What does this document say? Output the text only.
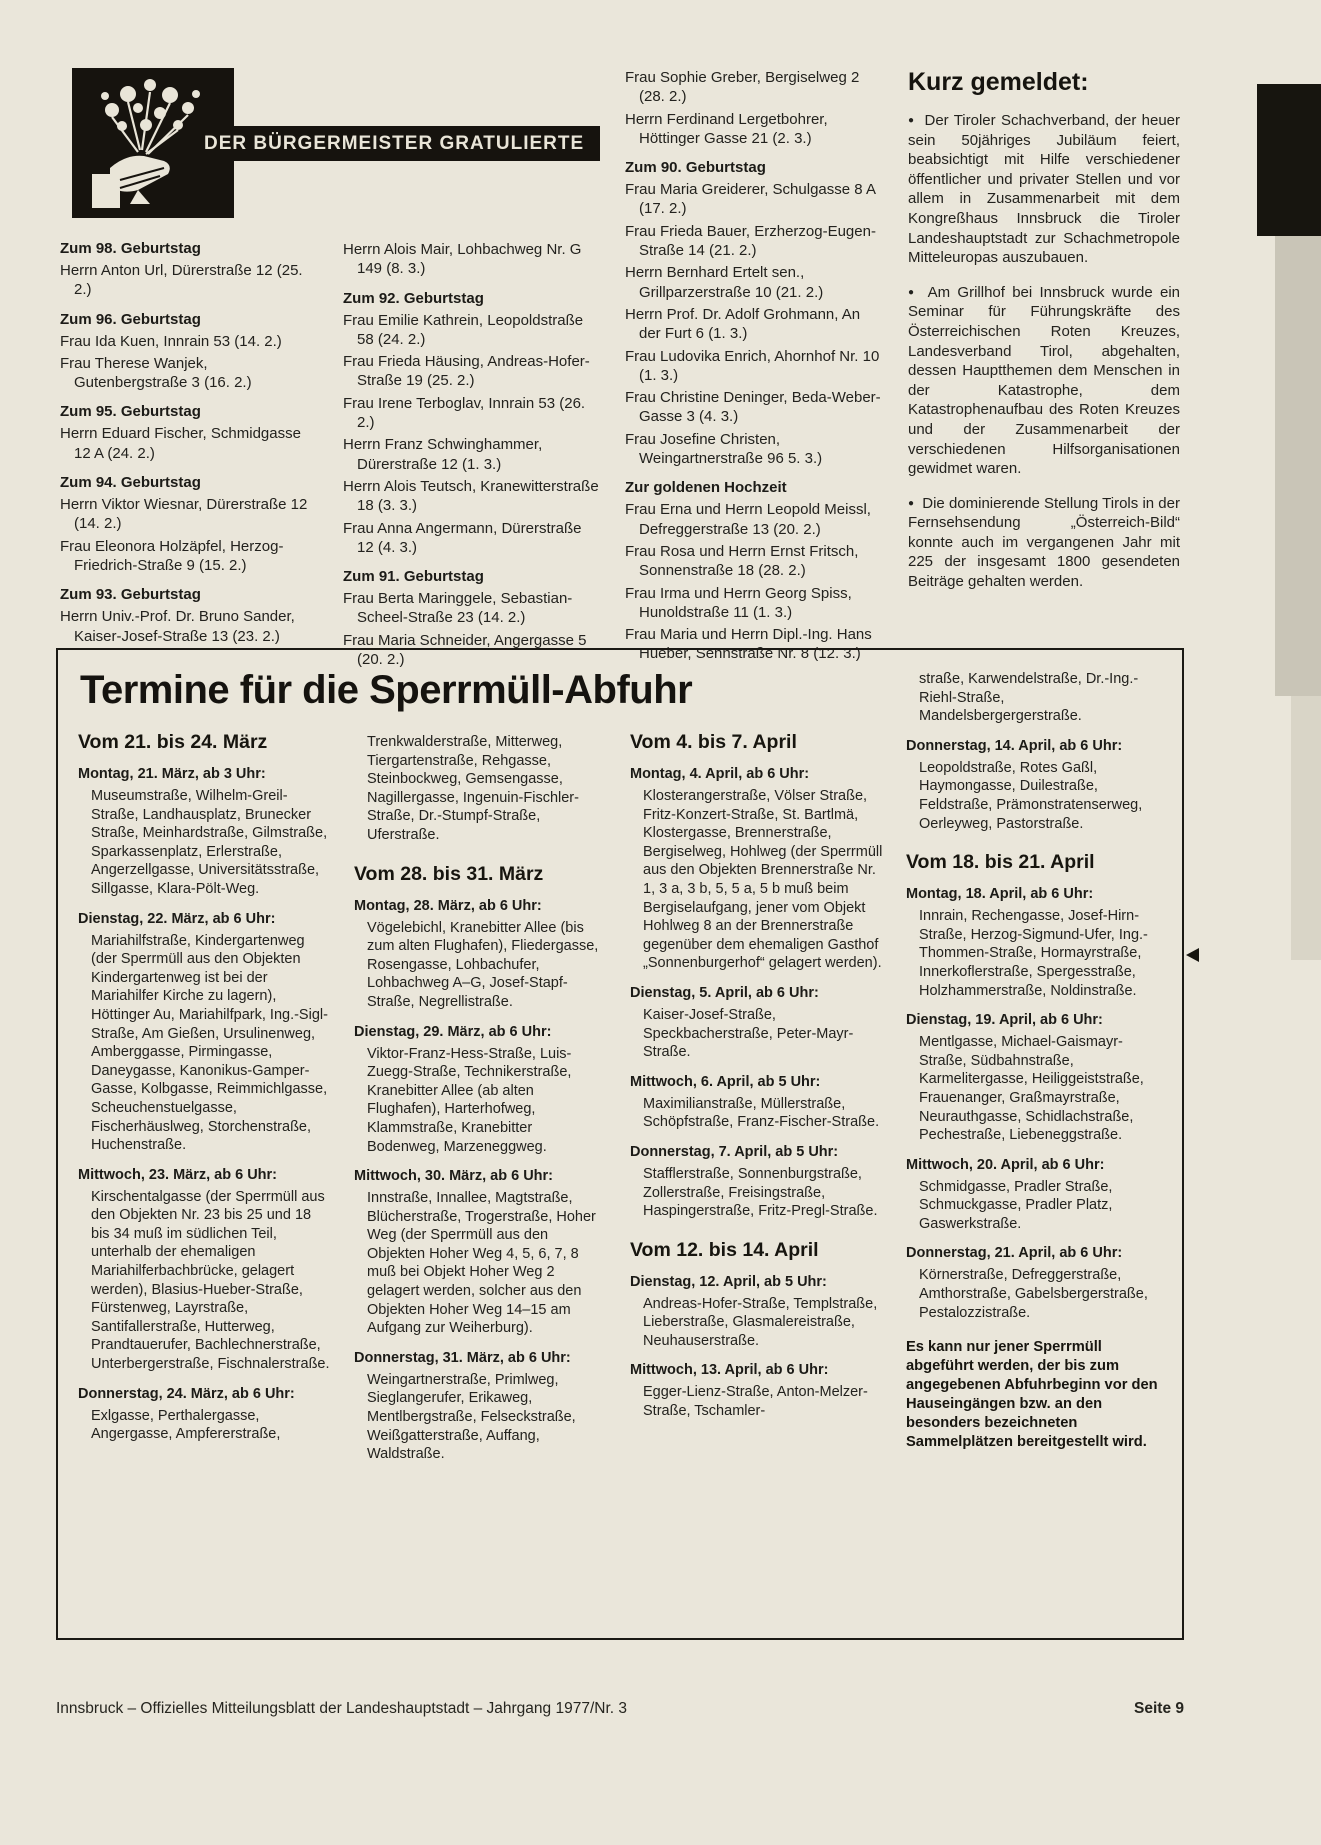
DER BÜRGERMEISTER GRATULIERTE
Zum 98. Geburtstag

Herrn Anton Url, Dürerstraße 12 (25. 2.)

Zum 96. Geburtstag

Frau Ida Kuen, Innrain 53 (14. 2.)

Frau Therese Wanjek, Gutenbergstraße 3 (16. 2.)

Zum 95. Geburtstag

Herrn Eduard Fischer, Schmidgasse 12 A (24. 2.)

Zum 94. Geburtstag

Herrn Viktor Wiesnar, Dürerstraße 12 (14. 2.)

Frau Eleonora Holzäpfel, Herzog-Friedrich-Straße 9 (15. 2.)

Zum 93. Geburtstag

Herrn Univ.-Prof. Dr. Bruno Sander, Kaiser-Josef-Straße 13 (23. 2.)

Herrn Alois Mair, Lohbachweg Nr. G 149 (8. 3.)

Zum 92. Geburtstag

Frau Emilie Kathrein, Leopoldstraße 58 (24. 2.)

Frau Frieda Häusing, Andreas-Hofer-Straße 19 (25. 2.)

Frau Irene Terboglav, Innrain 53 (26. 2.)

Herrn Franz Schwinghammer, Dürerstraße 12 (1. 3.)

Herrn Alois Teutsch, Kranewitterstraße 18 (3. 3.)

Frau Anna Angermann, Dürerstraße 12 (4. 3.)

Zum 91. Geburtstag

Frau Berta Maringgele, Sebastian-Scheel-Straße 23 (14. 2.)

Frau Maria Schneider, Angergasse 5 (20. 2.)

Frau Sophie Greber, Bergiselweg 2 (28. 2.)

Herrn Ferdinand Lergetbohrer, Höttinger Gasse 21 (2. 3.)

Zum 90. Geburtstag

Frau Maria Greiderer, Schulgasse 8 A (17. 2.)

Frau Frieda Bauer, Erzherzog-Eugen-Straße 14 (21. 2.)

Herrn Bernhard Ertelt sen., Grillparzerstraße 10 (21. 2.)

Herrn Prof. Dr. Adolf Grohmann, An der Furt 6 (1. 3.)

Frau Ludovika Enrich, Ahornhof Nr. 10 (1. 3.)

Frau Christine Deninger, Beda-Weber-Gasse 3 (4. 3.)

Frau Josefine Christen, Weingartnerstraße 96 5. 3.)

Zur goldenen Hochzeit

Frau Erna und Herrn Leopold Meissl, Defreggerstraße 13 (20. 2.)

Frau Rosa und Herrn Ernst Fritsch, Sonnenstraße 18 (28. 2.)

Frau Irma und Herrn Georg Spiss, Hunoldstraße 11 (1. 3.)

Frau Maria und Herrn Dipl.-Ing. Hans Hueber, Sennstraße Nr. 8 (12. 3.)

Kurz gemeldet:

● Der Tiroler Schachverband, der heuer sein 50jähriges Jubiläum feiert, beabsichtigt mit Hilfe verschiedener öffentlicher und privater Stellen und vor allem in Zusammenarbeit mit dem Kongreßhaus Innsbruck die Tiroler Landeshauptstadt zur Schachmetropole Mitteleuropas auszubauen.

● Am Grillhof bei Innsbruck wurde ein Seminar für Führungskräfte des Österreichischen Roten Kreuzes, Landesverband Tirol, abgehalten, dessen Hauptthemen dem Menschen in der Katastrophe, dem Katastrophenaufbau des Roten Kreuzes und der Zusammenarbeit der verschiedenen Hilfsorganisationen gewidmet waren.

● Die dominierende Stellung Tirols in der Fernsehsendung „Österreich-Bild“ konnte auch im vergangenen Jahr mit 225 der insgesamt 1800 gesendeten Beiträge gehalten werden.

Termine für die Sperrmüll-Abfuhr
Vom 21. bis 24. März
Montag, 21. März, ab 3 Uhr:

Museumstraße, Wilhelm-Greil-Straße, Landhausplatz, Brunecker Straße, Meinhardstraße, Gilmstraße, Sparkassenplatz, Erlerstraße, Angerzellgasse, Universitätsstraße, Sillgasse, Klara-Pölt-Weg.

Dienstag, 22. März, ab 6 Uhr:

Mariahilfstraße, Kindergartenweg (der Sperrmüll aus den Objekten Kindergartenweg ist bei der Mariahilfer Kirche zu lagern), Höttinger Au, Mariahilfpark, Ing.-Sigl-Straße, Am Gießen, Ursulinenweg, Amberggasse, Pirmingasse, Daneygasse, Kanonikus-Gamper-Gasse, Kolbgasse, Reimmichlgasse, Scheuchenstuelgasse, Fischerhäuslweg, Storchenstraße, Huchenstraße.

Mittwoch, 23. März, ab 6 Uhr:

Kirschentalgasse (der Sperrmüll aus den Objekten Nr. 23 bis 25 und 18 bis 34 muß im südlichen Teil, unterhalb der ehemaligen Mariahilferbachbrücke, gelagert werden), Blasius-Hueber-Straße, Fürstenweg, Layrstraße, Santifallerstraße, Hutterweg, Prandtauerufer, Bachlechnerstraße, Unterbergerstraße, Fischnalerstraße.

Donnerstag, 24. März, ab 6 Uhr:

Exlgasse, Perthalergasse, Angergasse, Ampfererstraße,

Trenkwalderstraße, Mitterweg, Tiergartenstraße, Rehgasse, Steinbockweg, Gemsengasse, Nagillergasse, Ingenuin-Fischler-Straße, Dr.-Stumpf-Straße, Uferstraße.

Vom 28. bis 31. März
Montag, 28. März, ab 6 Uhr:

Vögelebichl, Kranebitter Allee (bis zum alten Flughafen), Fliedergasse, Rosengasse, Lohbachufer, Lohbachweg A–G, Josef-Stapf-Straße, Negrellistraße.

Dienstag, 29. März, ab 6 Uhr:

Viktor-Franz-Hess-Straße, Luis-Zuegg-Straße, Technikerstraße, Kranebitter Allee (ab alten Flughafen), Harterhofweg, Klammstraße, Kranebitter Bodenweg, Marzeneggweg.

Mittwoch, 30. März, ab 6 Uhr:

Innstraße, Innallee, Magtstraße, Blücherstraße, Trogerstraße, Hoher Weg (der Sperrmüll aus den Objekten Hoher Weg 4, 5, 6, 7, 8 muß bei Objekt Hoher Weg 2 gelagert werden, solcher aus den Objekten Hoher Weg 14–15 am Aufgang zur Weiherburg).

Donnerstag, 31. März, ab 6 Uhr:

Weingartnerstraße, Primlweg, Sieglangerufer, Erikaweg, Mentlbergstraße, Felseckstraße, Weißgatterstraße, Auffang, Waldstraße.

Vom 4. bis 7. April
Montag, 4. April, ab 6 Uhr:

Klosterangerstraße, Völser Straße, Fritz-Konzert-Straße, St. Bartlmä, Klostergasse, Brennerstraße, Bergiselweg, Hohlweg (der Sperrmüll aus den Objekten Brennerstraße Nr. 1, 3 a, 3 b, 5, 5 a, 5 b muß beim Bergiselaufgang, jener vom Objekt Hohlweg 8 an der Brennerstraße gegenüber dem ehemaligen Gasthof „Sonnenburgerhof“ gelagert werden).

Dienstag, 5. April, ab 6 Uhr:

Kaiser-Josef-Straße, Speckbacherstraße, Peter-Mayr-Straße.

Mittwoch, 6. April, ab 5 Uhr:

Maximilianstraße, Müllerstraße, Schöpfstraße, Franz-Fischer-Straße.

Donnerstag, 7. April, ab 5 Uhr:

Stafflerstraße, Sonnenburgstraße, Zollerstraße, Freisingstraße, Haspingerstraße, Fritz-Pregl-Straße.

Vom 12. bis 14. April
Dienstag, 12. April, ab 5 Uhr:

Andreas-Hofer-Straße, Templstraße, Lieberstraße, Glasmalereistraße, Neuhauserstraße.

Mittwoch, 13. April, ab 6 Uhr:

Egger-Lienz-Straße, Anton-Melzer-Straße, Tschamler-

straße, Karwendelstraße, Dr.-Ing.-Riehl-Straße, Mandelsbergergerstraße.

Donnerstag, 14. April, ab 6 Uhr:

Leopoldstraße, Rotes Gaßl, Haymongasse, Duilestraße, Feldstraße, Prämonstratenserweg, Oerleyweg, Pastorstraße.

Vom 18. bis 21. April
Montag, 18. April, ab 6 Uhr:

Innrain, Rechengasse, Josef-Hirn-Straße, Herzog-Sigmund-Ufer, Ing.-Thommen-Straße, Hormayrstraße, Innerkoflerstraße, Spergesstraße, Holzhammerstraße, Noldinstraße.

Dienstag, 19. April, ab 6 Uhr:

Mentlgasse, Michael-Gaismayr-Straße, Südbahnstraße, Karmelitergasse, Heiliggeiststraße, Frauenanger, Graßmayrstraße, Neurauthgasse, Schidlachstraße, Pechestraße, Liebeneggstraße.

Mittwoch, 20. April, ab 6 Uhr:

Schmidgasse, Pradler Straße, Schmuckgasse, Pradler Platz, Gaswerkstraße.

Donnerstag, 21. April, ab 6 Uhr:

Körnerstraße, Defreggerstraße, Amthorstraße, Gabelsbergerstraße, Pestalozzistraße.

Es kann nur jener Sperrmüll abgeführt werden, der bis zum angegebenen Abfuhrbeginn vor den Hauseingängen bzw. an den besonders bezeichneten Sammelplätzen bereitgestellt wird.

Innsbruck – Offizielles Mitteilungsblatt der Landeshauptstadt – Jahrgang 1977/Nr. 3	Seite 9
